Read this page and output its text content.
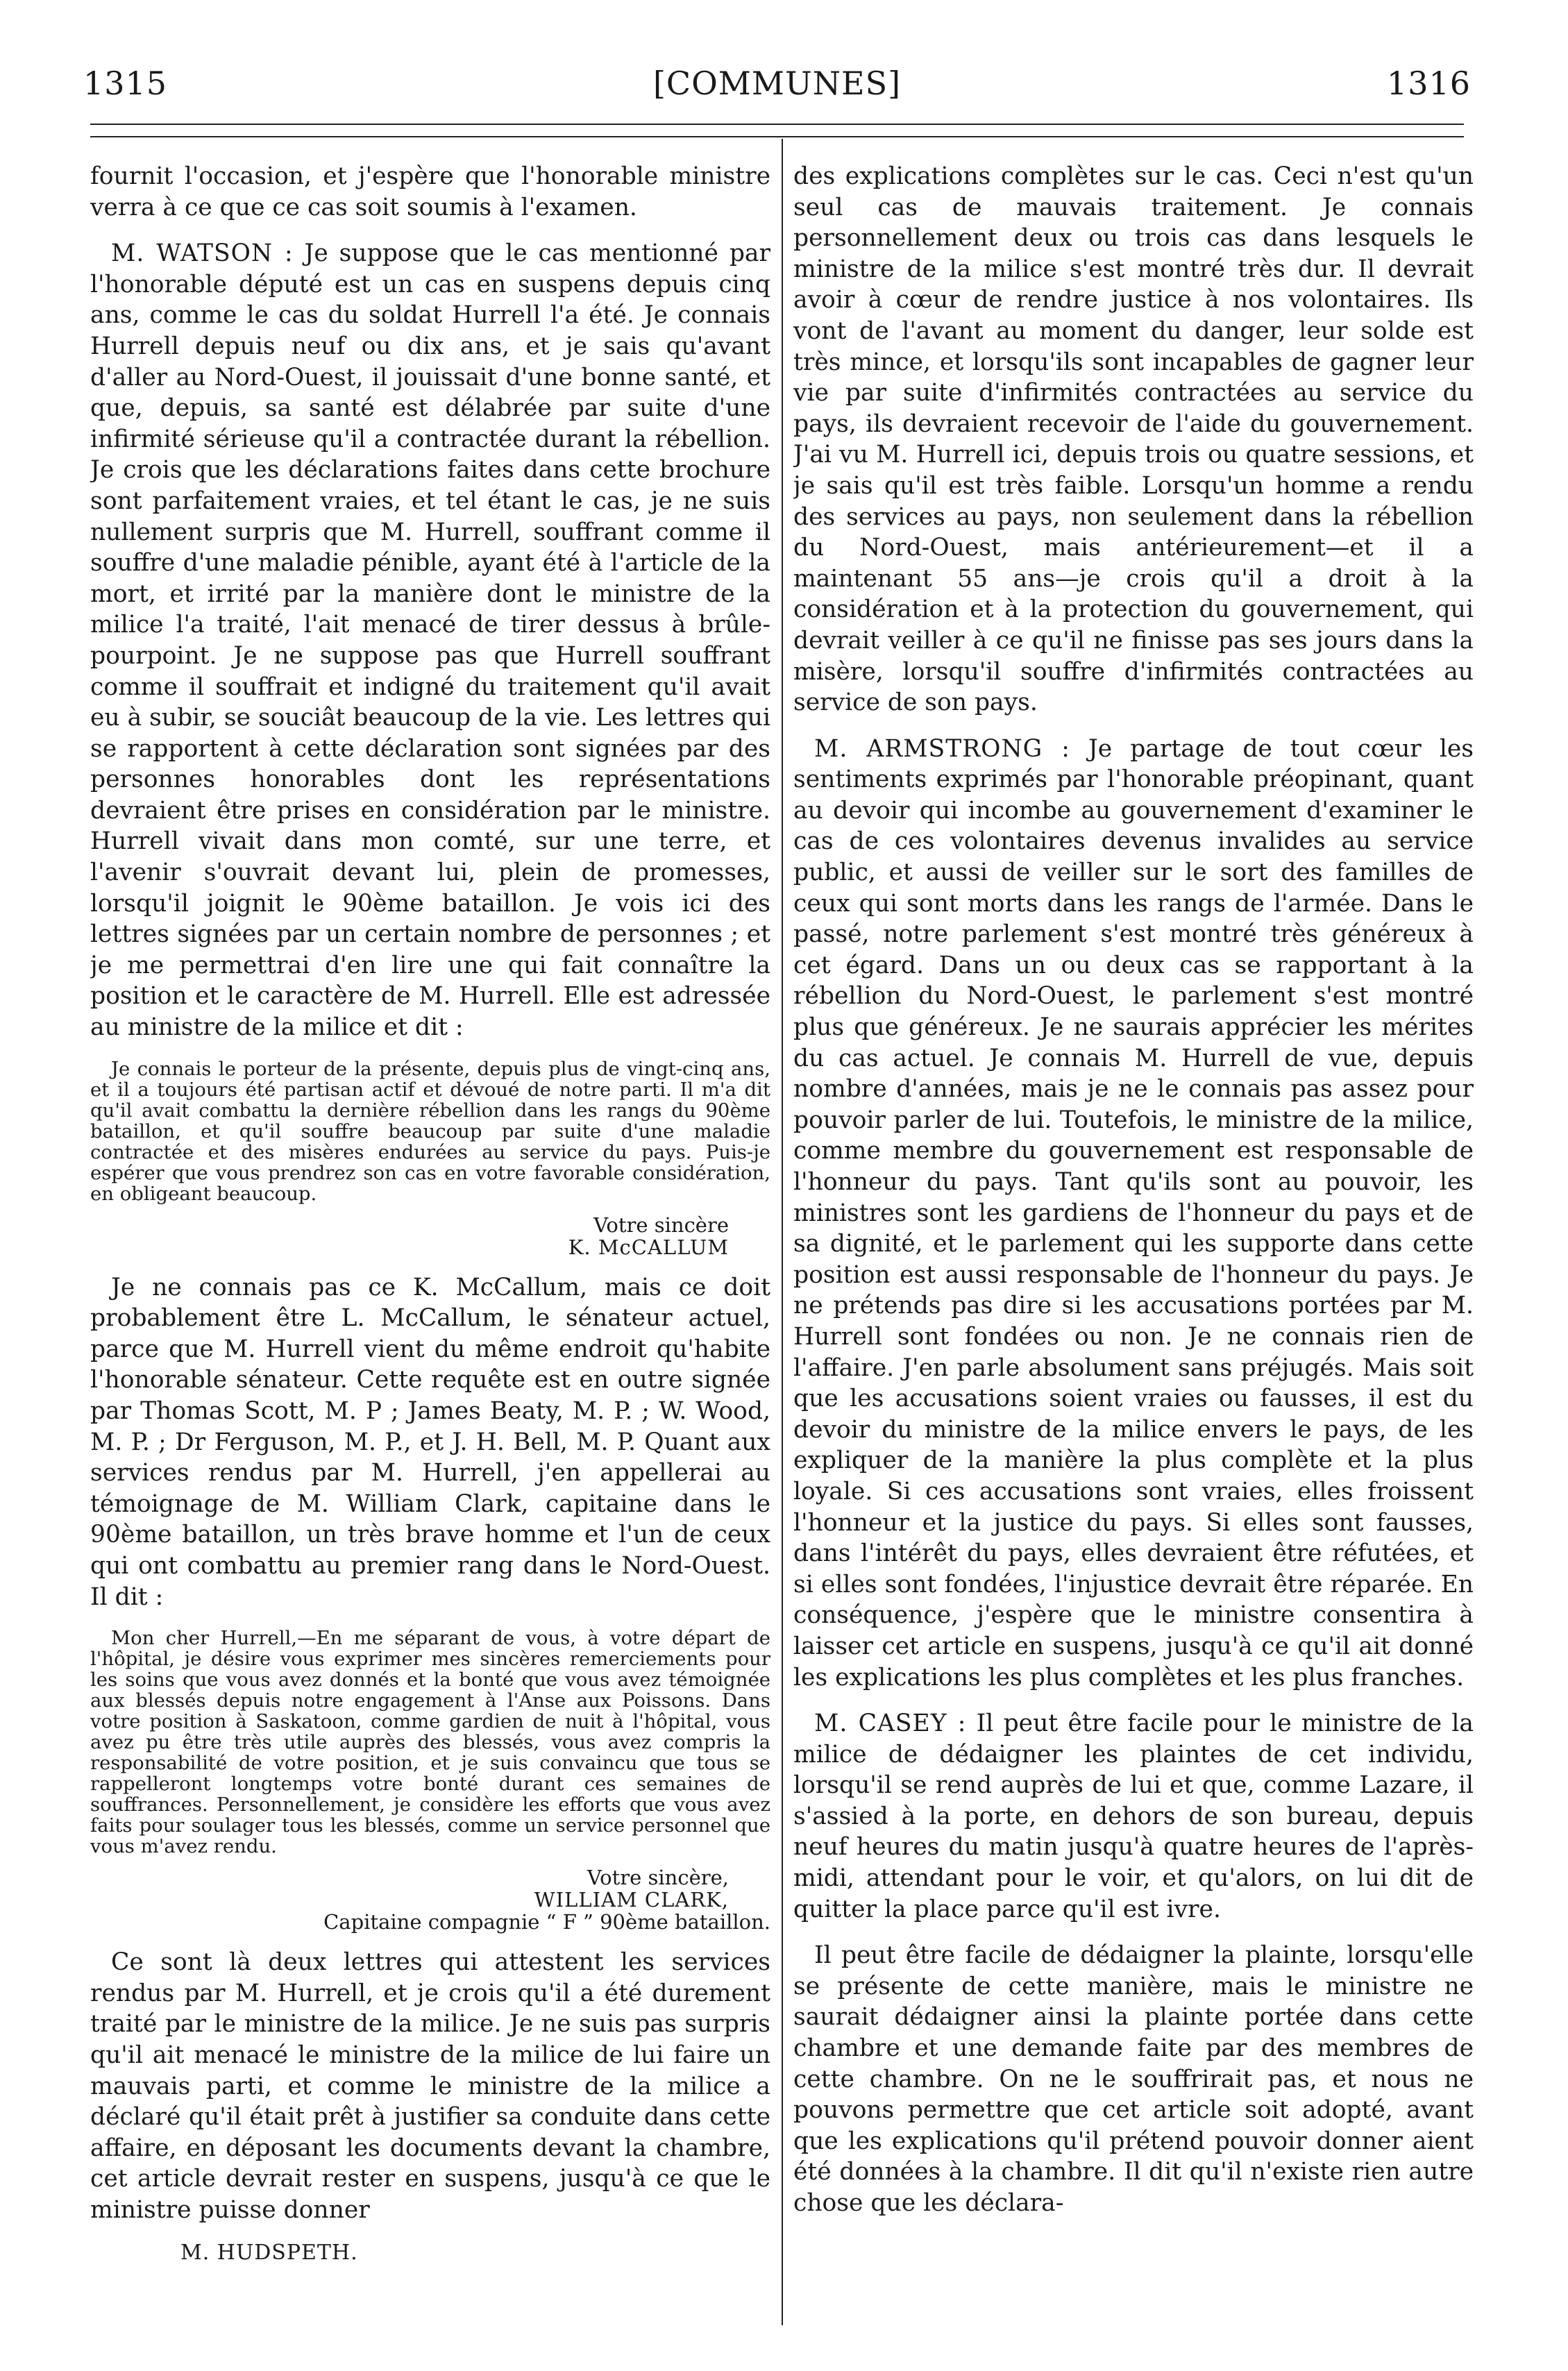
1315	[COMMUNES]	1316

fournit l'occasion, et j'espère que l'honorable ministre verra à ce que ce cas soit soumis à l'examen.

M. WATSON : Je suppose que le cas mentionné par l'honorable député est un cas en suspens depuis cinq ans, comme le cas du soldat Hurrell l'a été. Je connais Hurrell depuis neuf ou dix ans, et je sais qu'avant d'aller au Nord-Ouest, il jouissait d'une bonne santé, et que, depuis, sa santé est délabrée par suite d'une infirmité sérieuse qu'il a contractée durant la rébellion. Je crois que les déclarations faites dans cette brochure sont parfaitement vraies, et tel étant le cas, je ne suis nullement surpris que M. Hurrell, souffrant comme il souffre d'une maladie pénible, ayant été à l'article de la mort, et irrité par la manière dont le ministre de la milice l'a traité, l'ait menacé de tirer dessus à brûle-pourpoint. Je ne suppose pas que Hurrell souffrant comme il souffrait et indigné du traitement qu'il avait eu à subir, se souciât beaucoup de la vie. Les lettres qui se rapportent à cette déclaration sont signées par des personnes honorables dont les représentations devraient être prises en considération par le ministre. Hurrell vivait dans mon comté, sur une terre, et l'avenir s'ouvrait devant lui, plein de promesses, lorsqu'il joignit le 90ème bataillon. Je vois ici des lettres signées par un certain nombre de personnes ; et je me permettrai d'en lire une qui fait connaître la position et le caractère de M. Hurrell. Elle est adressée au ministre de la milice et dit :

Je connais le porteur de la présente, depuis plus de vingt-cinq ans, et il a toujours été partisan actif et dévoué de notre parti. Il m'a dit qu'il avait combattu la dernière rébellion dans les rangs du 90ème bataillon, et qu'il souffre beaucoup par suite d'une maladie contractée et des misères endurées au service du pays. Puis-je espérer que vous prendrez son cas en votre favorable considération, en obligeant beaucoup.

Votre sincère

K. McCALLUM

Je ne connais pas ce K. McCallum, mais ce doit probablement être L. McCallum, le sénateur actuel, parce que M. Hurrell vient du même endroit qu'habite l'honorable sénateur. Cette requête est en outre signée par Thomas Scott, M. P ; James Beaty, M. P. ; W. Wood, M. P. ; Dr Ferguson, M. P., et J. H. Bell, M. P. Quant aux services rendus par M. Hurrell, j'en appellerai au témoignage de M. William Clark, capitaine dans le 90ème bataillon, un très brave homme et l'un de ceux qui ont combattu au premier rang dans le Nord-Ouest. Il dit :

Mon cher Hurrell,—En me séparant de vous, à votre départ de l'hôpital, je désire vous exprimer mes sincères remerciements pour les soins que vous avez donnés et la bonté que vous avez témoignée aux blessés depuis notre engagement à l'Anse aux Poissons. Dans votre position à Saskatoon, comme gardien de nuit à l'hôpital, vous avez pu être très utile auprès des blessés, vous avez compris la responsabilité de votre position, et je suis convaincu que tous se rappelleront longtemps votre bonté durant ces semaines de souffrances. Personnellement, je considère les efforts que vous avez faits pour soulager tous les blessés, comme un service personnel que vous m'avez rendu.

Votre sincère,

WILLIAM CLARK,

Capitaine compagnie “ F ” 90ème bataillon.

Ce sont là deux lettres qui attestent les services rendus par M. Hurrell, et je crois qu'il a été durement traité par le ministre de la milice. Je ne suis pas surpris qu'il ait menacé le ministre de la milice de lui faire un mauvais parti, et comme le ministre de la milice a déclaré qu'il était prêt à justifier sa conduite dans cette affaire, en déposant les documents devant la chambre, cet article devrait rester en suspens, jusqu'à ce que le ministre puisse donner

M. HUDSPETH.

des explications complètes sur le cas. Ceci n'est qu'un seul cas de mauvais traitement. Je connais personnellement deux ou trois cas dans lesquels le ministre de la milice s'est montré très dur. Il devrait avoir à cœur de rendre justice à nos volontaires. Ils vont de l'avant au moment du danger, leur solde est très mince, et lorsqu'ils sont incapables de gagner leur vie par suite d'infirmités contractées au service du pays, ils devraient recevoir de l'aide du gouvernement. J'ai vu M. Hurrell ici, depuis trois ou quatre sessions, et je sais qu'il est très faible. Lorsqu'un homme a rendu des services au pays, non seulement dans la rébellion du Nord-Ouest, mais antérieurement—et il a maintenant 55 ans—je crois qu'il a droit à la considération et à la protection du gouvernement, qui devrait veiller à ce qu'il ne finisse pas ses jours dans la misère, lorsqu'il souffre d'infirmités contractées au service de son pays.

M. ARMSTRONG : Je partage de tout cœur les sentiments exprimés par l'honorable préopinant, quant au devoir qui incombe au gouvernement d'examiner le cas de ces volontaires devenus invalides au service public, et aussi de veiller sur le sort des familles de ceux qui sont morts dans les rangs de l'armée. Dans le passé, notre parlement s'est montré très généreux à cet égard. Dans un ou deux cas se rapportant à la rébellion du Nord-Ouest, le parlement s'est montré plus que généreux. Je ne saurais apprécier les mérites du cas actuel. Je connais M. Hurrell de vue, depuis nombre d'années, mais je ne le connais pas assez pour pouvoir parler de lui. Toutefois, le ministre de la milice, comme membre du gouvernement est responsable de l'honneur du pays. Tant qu'ils sont au pouvoir, les ministres sont les gardiens de l'honneur du pays et de sa dignité, et le parlement qui les supporte dans cette position est aussi responsable de l'honneur du pays. Je ne prétends pas dire si les accusations portées par M. Hurrell sont fondées ou non. Je ne connais rien de l'affaire. J'en parle absolument sans préjugés. Mais soit que les accusations soient vraies ou fausses, il est du devoir du ministre de la milice envers le pays, de les expliquer de la manière la plus complète et la plus loyale. Si ces accusations sont vraies, elles froissent l'honneur et la justice du pays. Si elles sont fausses, dans l'intérêt du pays, elles devraient être réfutées, et si elles sont fondées, l'injustice devrait être réparée. En conséquence, j'espère que le ministre consentira à laisser cet article en suspens, jusqu'à ce qu'il ait donné les explications les plus complètes et les plus franches.

M. CASEY : Il peut être facile pour le ministre de la milice de dédaigner les plaintes de cet individu, lorsqu'il se rend auprès de lui et que, comme Lazare, il s'assied à la porte, en dehors de son bureau, depuis neuf heures du matin jusqu'à quatre heures de l'après-midi, attendant pour le voir, et qu'alors, on lui dit de quitter la place parce qu'il est ivre.

Il peut être facile de dédaigner la plainte, lorsqu'elle se présente de cette manière, mais le ministre ne saurait dédaigner ainsi la plainte portée dans cette chambre et une demande faite par des membres de cette chambre. On ne le souffrirait pas, et nous ne pouvons permettre que cet article soit adopté, avant que les explications qu'il prétend pouvoir donner aient été données à la chambre. Il dit qu'il n'existe rien autre chose que les déclara-
